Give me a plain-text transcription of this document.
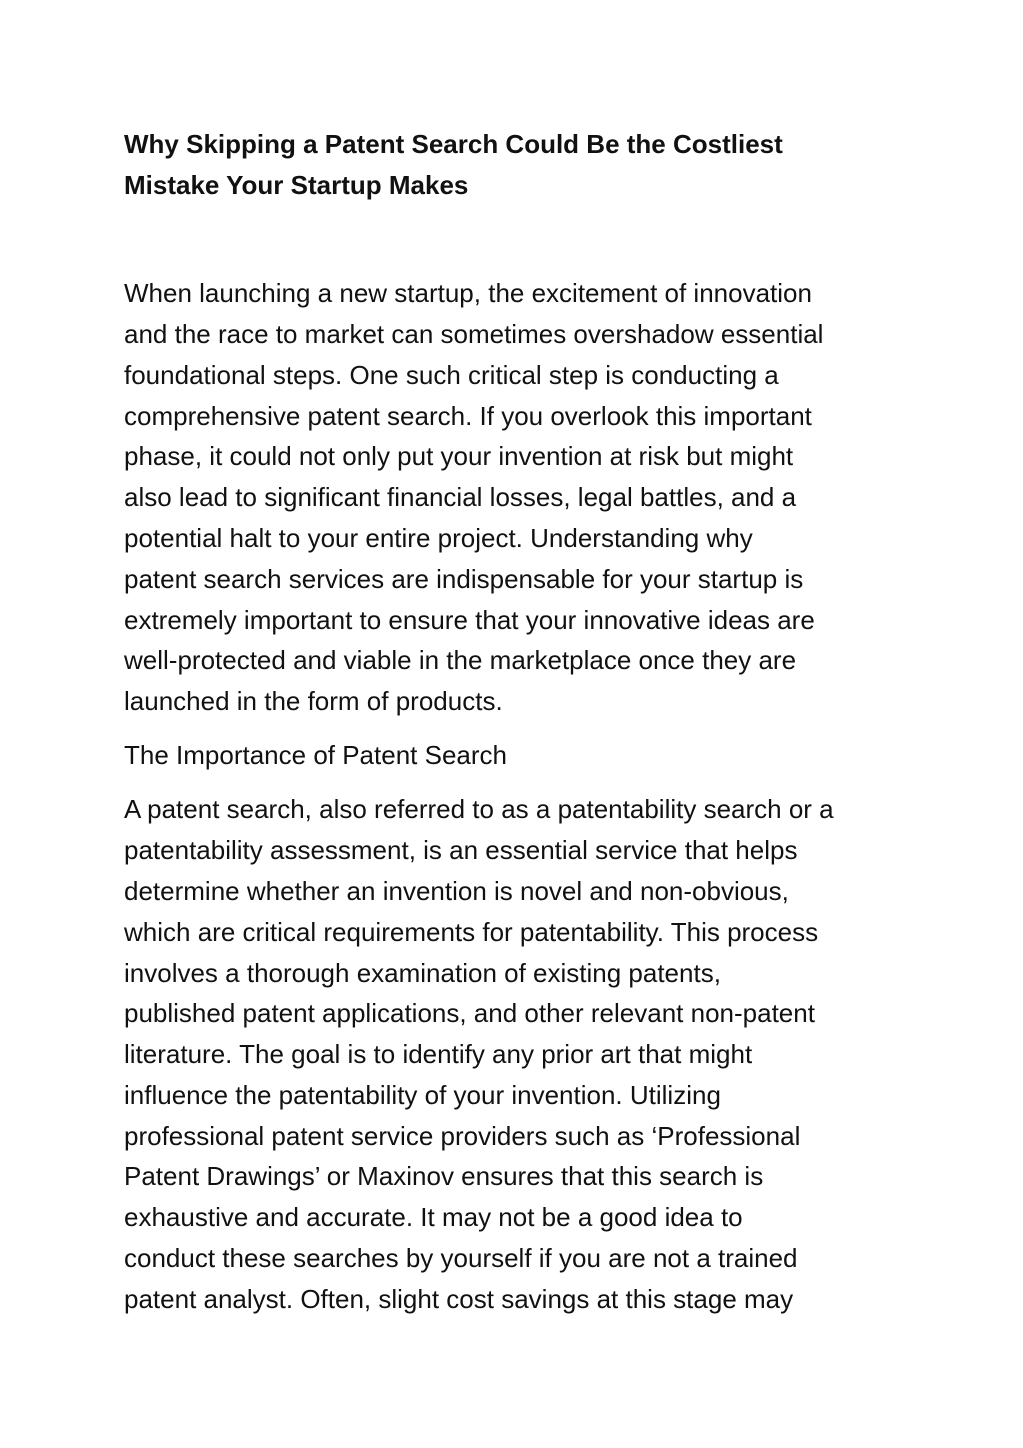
Why Skipping a Patent Search Could Be the Costliest
Mistake Your Startup Makes

When launching a new startup, the excitement of innovation

and the race to market can sometimes overshadow essential

foundational steps. One such critical step is conducting a

comprehensive patent search. If you overlook this important

phase, it could not only put your invention at risk but might

also lead to significant financial losses, legal battles, and a

potential halt to your entire project. Understanding why

patent search services are indispensable for your startup is

extremely important to ensure that your innovative ideas are

well-protected and viable in the marketplace once they are

launched in the form of products.

The Importance of Patent Search

A patent search, also referred to as a patentability search or a

patentability assessment, is an essential service that helps

determine whether an invention is novel and non-obvious,

which are critical requirements for patentability. This process

involves a thorough examination of existing patents,

published patent applications, and other relevant non-patent

literature. The goal is to identify any prior art that might

influence the patentability of your invention. Utilizing

professional patent service providers such as ‘Professional

Patent Drawings’ or Maxinov ensures that this search is

exhaustive and accurate. It may not be a good idea to

conduct these searches by yourself if you are not a trained

patent analyst. Often, slight cost savings at this stage may
